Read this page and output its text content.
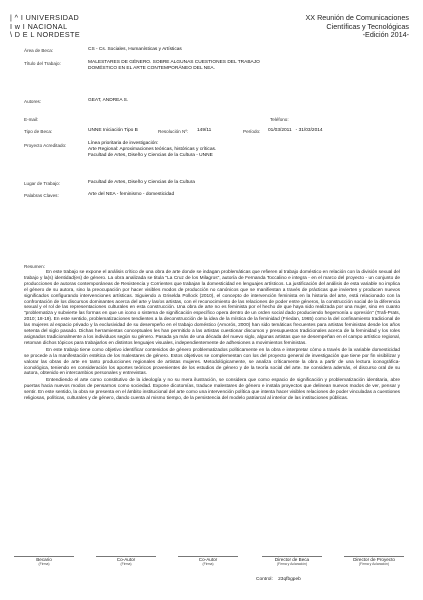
| ^ I UNIVERSIDAD
I w I NACIONAL
\ D E L NORDESTE
XX Reunión de Comunicaciones
Científicas y Tecnológicas
-Edición 2014-
Área de Beca:	CS - Cs. Sociales, Humanísticas y Artísticas
Título del Trabajo:	MALESTARES DE GÉNERO. SOBRE ALGUNAS CUESTIONES DEL TRABAJO DOMÉSTICO EN EL ARTE CONTEMPORÁNEO DEL NEA.
Autores:	GEAT, ANDREA S.
E-mail:	Teléfono:
Tipo de Beca:	UNNE Iniciación Tipo B	Resolución Nº: 149/11	Período: 01/03/2011   - 31/03/2014
Proyecto Acreditado:	Línea prioritaria de investigación:
Arte Regional: Aproximaciones teóricas, históricas y críticas.
Facultad de Artes, Diseño y Ciencias de la Cultura - UNNE
Lugar de Trabajo:	Facultad de Artes, Diseño y Ciencias de la Cultura
Palabras Claves:	Arte del NEA - feminismo - domesticidad
Resumen:

En este trabajo se expone el análisis crítico de una obra de arte donde se indagan problemáticas que refieren al trabajo doméstico en relación con la división sexual del trabajo y la(s) identidad(es) de género. La obra analizada se titula "La Cruz de los Milagros", autoría de Fernanda Toccalino e integra - en el marco del proyecto - un conjunto de producciones de autoras contemporáneas de Resistencia y Corrientes que trabajan la domesticidad en lenguajes artísticos. La justificación del análisis de esta variable no implica el género de su autora, sino la preocupación por hacer visibles modos de producción no canónicos que se manifiestan a través de prácticas que invierten y producen nuevos significados configurando intervenciones artísticas. Siguiendo a Griselda Pollock (2010), el concepto de intervención feminista en la historia del arte, está relacionado con la confrontación de los discursos dominantes acerca del arte y las/os artistas, con el reconocimiento de las relaciones de poder entre géneros, la construcción social de la diferencia sexual y el rol de las representaciones culturales en esta construcción. Una obra de arte no es feminista por el hecho de que haya sido realizada por una mujer, sino en cuanto "problematiza y subvierte las formas en que un icono o sistema de significación específico opera dentro de un orden social dado produciendo hegemonía u opresión" (Trafi-Prats, 2010; 18-19). En este sentido, problematizaciones tendientes a la deconstrucción de la idea de la mística de la feminidad (Friedan, 1965) como la del confinamiento tradicional de las mujeres al espacio privado y la exclusividad de su desempeño en el trabajo doméstico (Amorós, 2000) han sido temáticas frecuentes para artistas feministas desde los años setenta del siglo pasado. Dichas herramientas conceptuales les han permitido a las artistas cuestionar discursos y presupuestos tradicionales acerca de la feminidad y los roles asignados tradicionalmente a los individuos según su género. Pasada ya más de una década del nuevo siglo, algunas artistas que se desempeñan en el campo artístico regional, retoman dichos tópicos para trabajarlos en distintos lenguajes visuales, independientemente de adhesiones a movimientos feministas.

En este trabajo tiene como objetivo identificar contenidos de género problematizados políticamente en la obra e interpretar cómo a través de la variable domesticidad se procede a la manifestación estética de los malestares de género. Estos objetivos se complementan con los del proyecto general de investigación que tiene por fin visibilizar y valorar las obras de arte en tanto producciones regionales de artistas mujeres. Metodológicamente, se analiza críticamente la obra a partir de una lectura iconográfica-iconológica, teniendo en consideración los aportes teóricos provenientes de los estudios de género y de la teoría social del arte. Se considera además, el discurso oral de su autora, obtenido en intercambios personales y entrevistas.

Entendiendo el arte como constitutivo de la ideología y no su mera ilustración, se considera que como espacio de significación y problematización identitaria, abre puertas hacia nuevos modos de pensarnos como sociedad. Expone dicotomías, traduce malestares de género e instala proyectos que delinean nuevos modos de ver, pensar y sentir. En este sentido, la obra se presenta en el ámbito institucional del arte como una intervención política que intenta hacer visibles relaciones de poder vinculadas a cuestiones religiosas, políticas, culturales y de género, dando cuenta al mismo tiempo, de la persistencia del modelo patriarcal al interior de las instituciones públicas.

Becario
(Firma)
Co-Autor
(Firma)
Co-Autor
(Firma)
Director de Beca
(Firma y Aclaración)
Director de Proyecto
(Firma y Aclaración)
Control: 23qfbgpeb
